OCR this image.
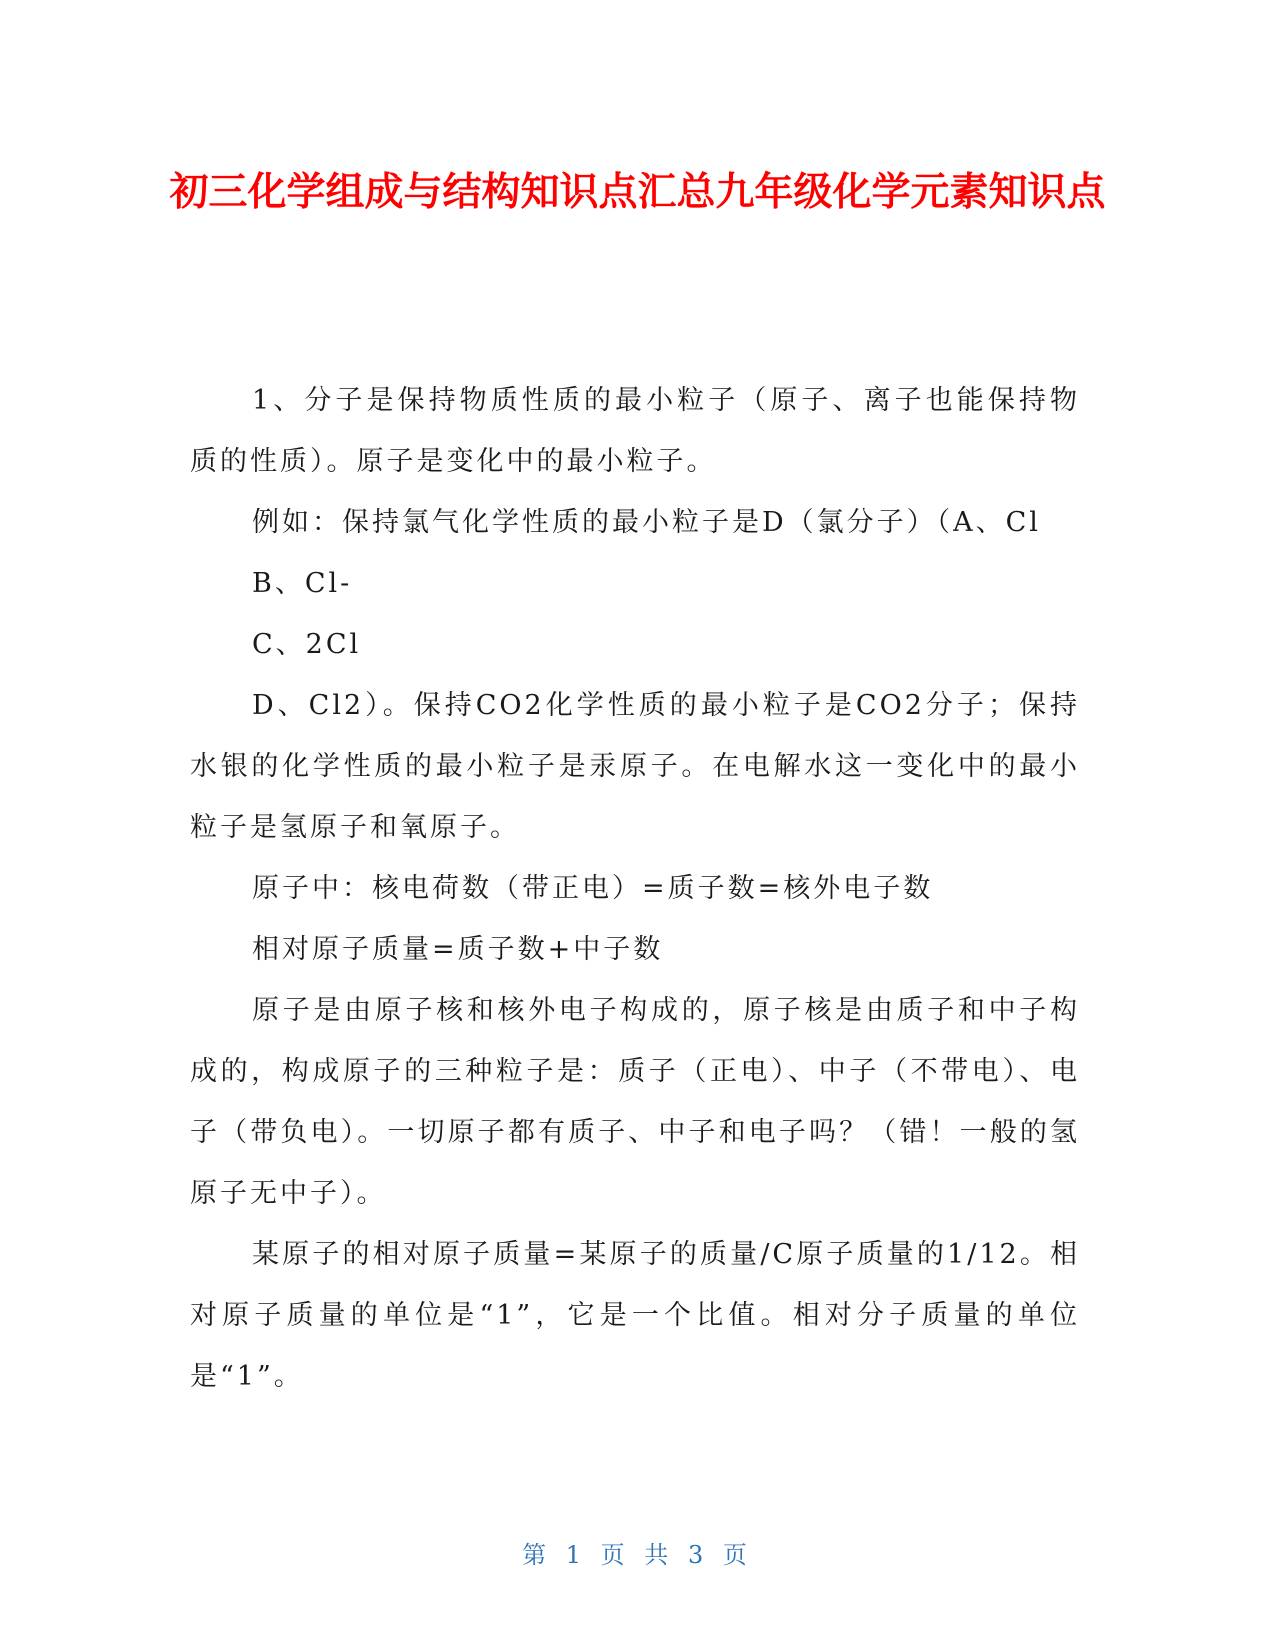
初三化学组成与结构知识点汇总九年级化学元素知识点

1、分子是保持物质性质的最小粒子（原子、离子也能保持物质的性质）。原子是变化中的最小粒子。

例如：保持氯气化学性质的最小粒子是D（氯分子）（A、Cl

B、Cl-

C、2Cl

D、Cl2）。保持CO2化学性质的最小粒子是CO2分子；保持水银的化学性质的最小粒子是汞原子。在电解水这一变化中的最小粒子是氢原子和氧原子。

原子中：核电荷数（带正电）=质子数=核外电子数

相对原子质量=质子数+中子数

原子是由原子核和核外电子构成的，原子核是由质子和中子构成的，构成原子的三种粒子是：质子（正电）、中子（不带电）、电子（带负电）。一切原子都有质子、中子和电子吗？（错！一般的氢原子无中子）。

某原子的相对原子质量=某原子的质量/C原子质量的1/12。相对原子质量的单位是“1”，它是一个比值。相对分子质量的单位是“1”。

第 1 页 共 3 页
